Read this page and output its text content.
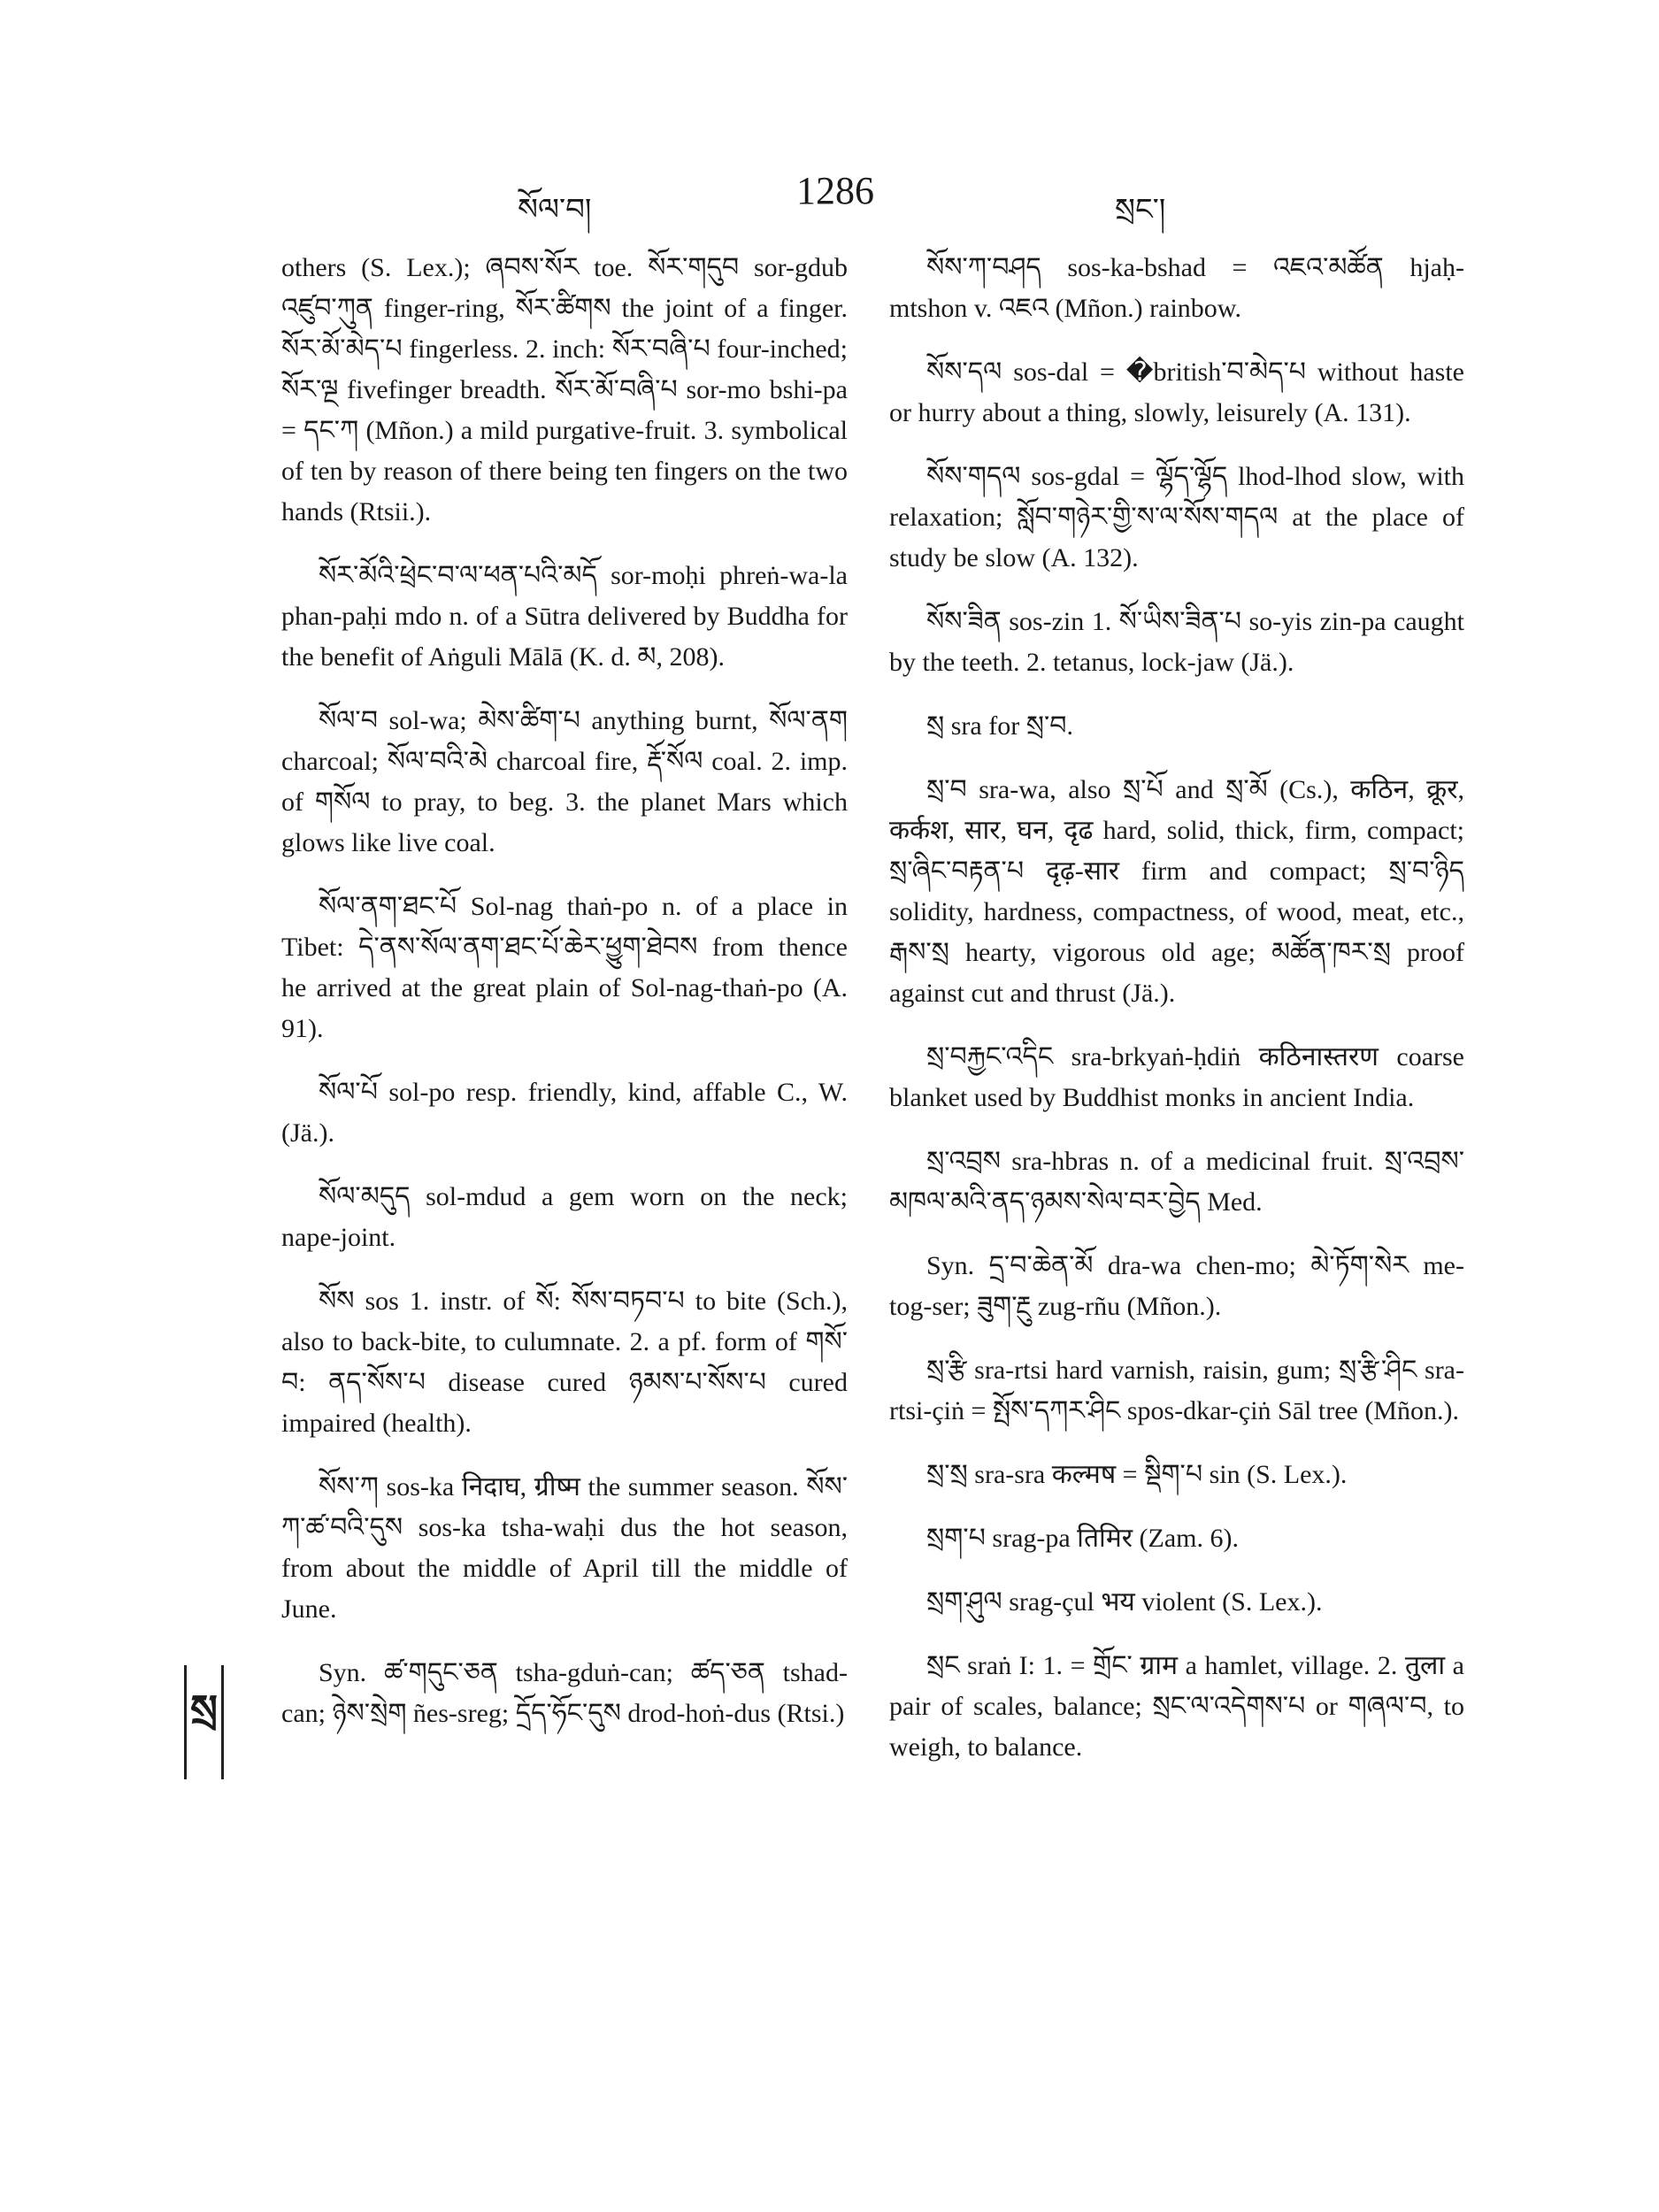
སོལ་བ།	1286	སྲང་།
སྲ

others (S. Lex.); ཞབས་སོར toe. སོར་གདུབ sor-gdub འཛུབ་ཀུན finger-ring, སོར་ཚིགས the joint of a finger. སོར་མོ་མེད་པ fingerless. 2. inch: སོར་བཞི་པ four-inched; སོར་ལྔ fivefinger breadth. སོར་མོ་བཞི་པ sor-mo bshi-pa = དང་ཀ (Mñon.) a mild purgative-fruit. 3. symbolical of ten by reason of there being ten fingers on the two hands (Rtsii.).

སོར་མོའི་ཕྲེང་བ་ལ་ཕན་པའི་མདོ sor-moḥi phreṅ-wa-la phan-paḥi mdo n. of a Sūtra delivered by Buddha for the benefit of Aṅguli Mālā (K. d. མ, 208).

སོལ་བ sol-wa; མེས་ཚིག་པ anything burnt, སོལ་ནག charcoal; སོལ་བའི་མེ charcoal fire, རྡོ་སོལ coal. 2. imp. of གསོལ to pray, to beg. 3. the planet Mars which glows like live coal.

སོལ་ནག་ཐང་པོ Sol-nag thaṅ-po n. of a place in Tibet: དེ་ནས་སོལ་ནག་ཐང་པོ་ཆེར་ཕྱུག་ཐེབས from thence he arrived at the great plain of Sol-nag-thaṅ-po (A. 91).

སོལ་པོ sol-po resp. friendly, kind, affable C., W. (Jä.).

སོལ་མདུད sol-mdud a gem worn on the neck; nape-joint.

སོས sos 1. instr. of སོ: སོས་བཏབ་པ to bite (Sch.), also to back-bite, to culumnate. 2. a pf. form of གསོ་བ: ནད་སོས་པ disease cured ཉམས་པ་སོས་པ cured impaired (health).

སོས་ཀ sos-ka निदाघ, ग्रीष्म the summer season. སོས་ཀ་ཚ་བའི་དུས sos-ka tsha-waḥi dus the hot season, from about the middle of April till the middle of June.

Syn. ཚ་གདུང་ཅན tsha-gduṅ-can; ཚད་ཅན tshad-can; ཉེས་སྲེག ñes-sreg; དྲོད་ཧོང་དུས drod-hoṅ-dus (Rtsi.)

སོས་ཀ་བཤད sos-ka-bshad = འཇའ་མཚོན hjaḥ-mtshon v. འཇའ (Mñon.) rainbow.

སོས་དལ sos-dal = �british་བ་མེད་པ without haste or hurry about a thing, slowly, leisurely (A. 131).

སོས་གདལ sos-gdal = ལྷོད་ལྷོད lhod-lhod slow, with relaxation; སློབ་གཉེར་གྱི་ས་ལ་སོས་གདལ at the place of study be slow (A. 132).

སོས་ཟིན sos-zin 1. སོ་ཡིས་ཟིན་པ so-yis zin-pa caught by the teeth. 2. tetanus, lock-jaw (Jä.).

སྲ sra for སྲ་བ.

སྲ་བ sra-wa, also སྲ་པོ and སྲ་མོ (Cs.), कठिन, क्रूर, कर्कश, सार, घन, दृढ hard, solid, thick, firm, compact; སྲ་ཞིང་བརྟན་པ दृढ़-सार firm and compact; སྲ་བ་ཉིད solidity, hardness, compactness, of wood, meat, etc., རྒས་སྲ hearty, vigorous old age; མཚོན་ཁར་སྲ proof against cut and thrust (Jä.).

སྲ་བརྐྱང་འདིང sra-brkyaṅ-ḥdiṅ कठिनास्तरण coarse blanket used by Buddhist monks in ancient India.

སྲ་འབྲས sra-hbras n. of a medicinal fruit. སྲ་འབྲས་མཁལ་མའི་ནད་ཉམས་སེལ་བར་བྱེད Med.

Syn. དྲ་བ་ཆེན་མོ dra-wa chen-mo; མེ་ཏོག་སེར me-tog-ser; ཟུག་རྔུ zug-rñu (Mñon.).

སྲ་རྩི sra-rtsi hard varnish, raisin, gum; སྲ་རྩི་ཤིང sra-rtsi-çiṅ = སྤོས་དཀར་ཤིང spos-dkar-çiṅ Sāl tree (Mñon.).

སྲ་སྲ sra-sra कल्मष = སྡིག་པ sin (S. Lex.).

སྲག་པ srag-pa तिमिर (Zam. 6).

སྲག་ཤུལ srag-çul भय violent (S. Lex.).

སྲང sraṅ I: 1. = གྲོང་ ग्राम a hamlet, village. 2. तुला a pair of scales, balance; སྲང་ལ་འདེགས་པ or གཞལ་བ, to weigh, to balance.
